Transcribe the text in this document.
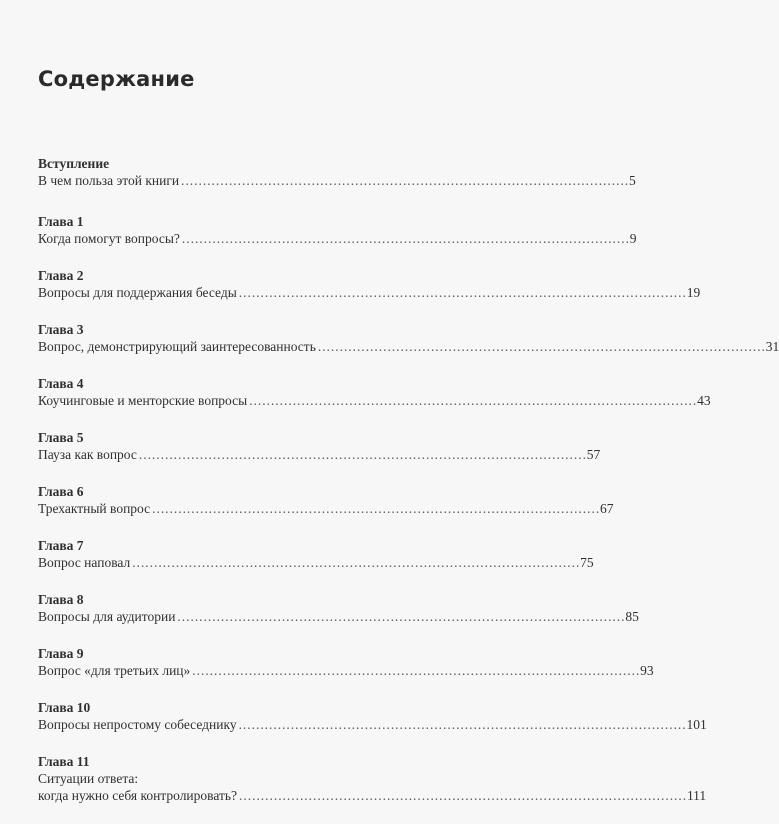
Содержание
Вступление
В чем польза этой книги . . .	5
Глава 1
Когда помогут вопросы? . . .	9
Глава 2
Вопросы для поддержания беседы . . .	19
Глава 3
Вопрос, демонстрирующий заинтересованность . . .	31
Глава 4
Коучинговые и менторские вопросы . . .	43
Глава 5
Пауза как вопрос . . .	57
Глава 6
Трехактный вопрос . . .	67
Глава 7
Вопрос наповал . . .	75
Глава 8
Вопросы для аудитории . . .	85
Глава 9
Вопрос «для третьих лиц» . . .	93
Глава 10
Вопросы непростому собеседнику . . .	101
Глава 11
Ситуации ответа:
когда нужно себя контролировать? . . .	111
